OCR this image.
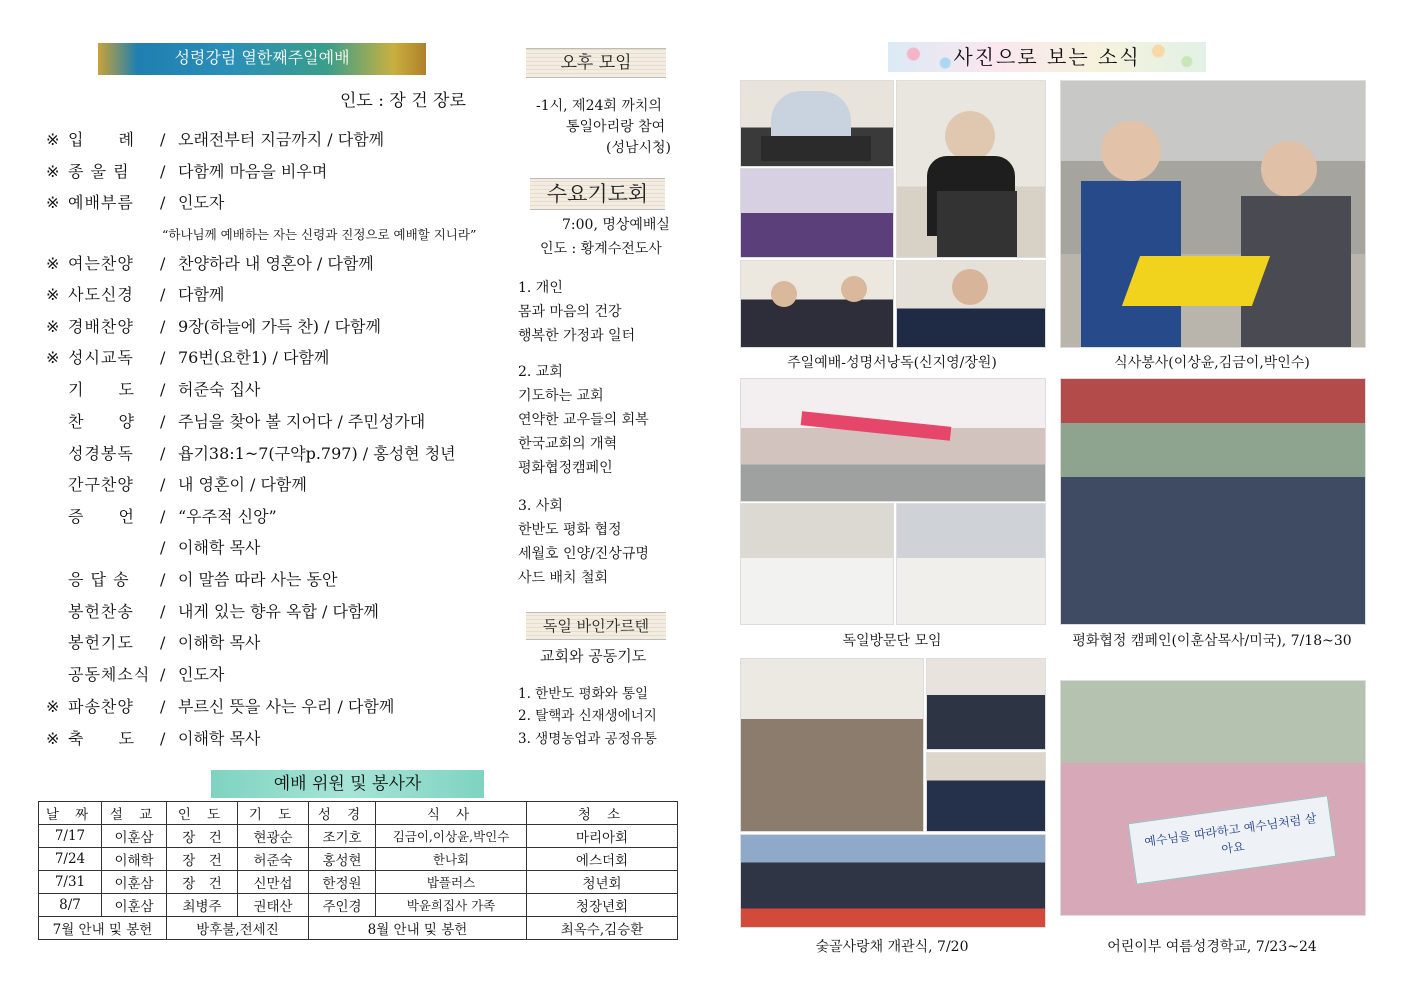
성령강림 열한째주일예배
인도 : 장 건 장로
※ 입　　례 / 오래전부터 지금까지 / 다함께
※ 종 울 림 / 다함께 마음을 비우며
※ 예배부름 / 인도자
※ 여는찬양 / 찬양하라 내 영혼아 / 다함께
※ 사도신경 / 다함께
※ 경배찬양 / 9장(하늘에 가득 찬) / 다함께
※ 성시교독 / 76번(요한1) / 다함께
기　　도 / 허준숙 집사
찬　　양 / 주님을 찾아 볼 지어다 / 주민성가대
성경봉독 / 욥기38:1~7(구약p.797) / 홍성현 청년
간구찬양 / 내 영혼이 / 다함께
증　　언 / “우주적 신앙”
/ 이해학 목사
응 답 송 / 이 말씀 따라 사는 동안
봉헌찬송 / 내게 있는 향유 옥합 / 다함께
봉헌기도 / 이해학 목사
공동체소식 / 인도자
※ 파송찬양 / 부르신 뜻을 사는 우리 / 다함께
※ 축　　도 / 이해학 목사
“하나님께 예배하는 자는 신령과 진정으로 예배할 지니라”
예배 위원 및 봉사자
날 짜	설 교	인 도	기 도	성 경	식 사	청 소
7/17	이훈삼	장　건	현광순	조기호	김금이,이상윤,박인수	마리아회
7/24	이해학	장　건	허준숙	홍성현	한나회	에스더회
7/31	이훈삼	장　건	신만섭	한정원	밥플러스	청년회
8/7	이훈삼	최병주	권태산	주인경	박윤희집사 가족	청장년회
7월 안내 및 봉헌		방후불,전세진		8월 안내 및 봉헌		최옥수,김승환
오후 모임
-1시, 제24회 까치의
통일아리랑 참여
(성남시청)
수요기도회
7:00, 명상예배실
인도 : 황계수전도사
1. 개인
몸과 마음의 건강
행복한 가정과 일터
2. 교회
기도하는 교회
연약한 교우들의 회복
한국교회의 개혁
평화협정캠페인
3. 사회
한반도 평화 협정
세월호 인양/진상규명
사드 배치 철회
독일 바인가르텐
교회와 공동기도
1. 한반도 평화와 통일
2. 탈핵과 신재생에너지
3. 생명농업과 공정유통
사진으로 보는 소식
주일예배-성명서낭독(신지영/장원)	식사봉사(이상윤,김금이,박인수)
독일방문단 모임	평화협정 캠페인(이훈삼목사/미국), 7/18~30
숯골사랑채 개관식, 7/20
예수님을 따라하고 예수님처럼 살아요
어린이부 여름성경학교, 7/23~24
